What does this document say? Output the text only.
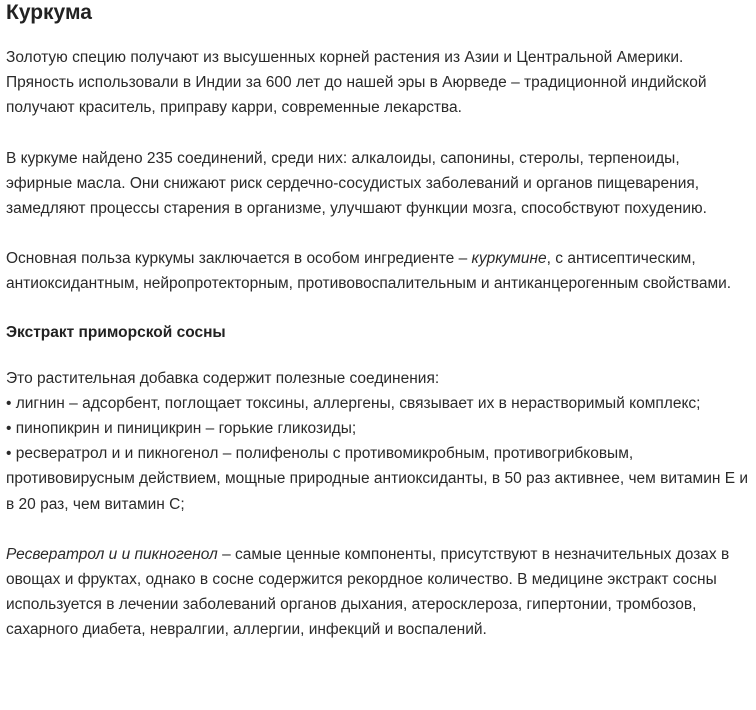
Куркума

Золотую специю получают из высушенных корней растения из Азии и Центральной Америки. Пряность использовали в Индии за 600 лет до нашей эры в Аюрведе – традиционной индийской получают краситель, приправу карри, современные лекарства.

В куркуме найдено 235 соединений, среди них: алкалоиды, сапонины, стеролы, терпеноиды, эфирные масла. Они снижают риск сердечно-сосудистых заболеваний и органов пищеварения, замедляют процессы старения в организме, улучшают функции мозга, способствуют похудению.

Основная польза куркумы заключается в особом ингредиенте – куркумине, с антисептическим, антиоксидантным, нейропротекторным, противовоспалительным и антиканцерогенным свойствами.

Экстракт приморской сосны
Это растительная добавка содержит полезные соединения:
• лигнин – адсорбент, поглощает токсины, аллергены, связывает их в нерастворимый комплекс;
• пинопикрин и пиницикрин – горькие гликозиды;
• ресвератрол и и пикногенол – полифенолы с противомикробным, противогрибковым, противовирусным действием, мощные природные антиоксиданты, в 50 раз активнее, чем витамин Е и в 20 раз, чем витамин С;

Ресвератрол и и пикногенол – самые ценные компоненты, присутствуют в незначительных дозах в овощах и фруктах, однако в сосне содержится рекордное количество. В медицине экстракт сосны используется в лечении заболеваний органов дыхания, атеросклероза, гипертонии, тромбозов, сахарного диабета, невралгии, аллергии, инфекций и воспалений.
